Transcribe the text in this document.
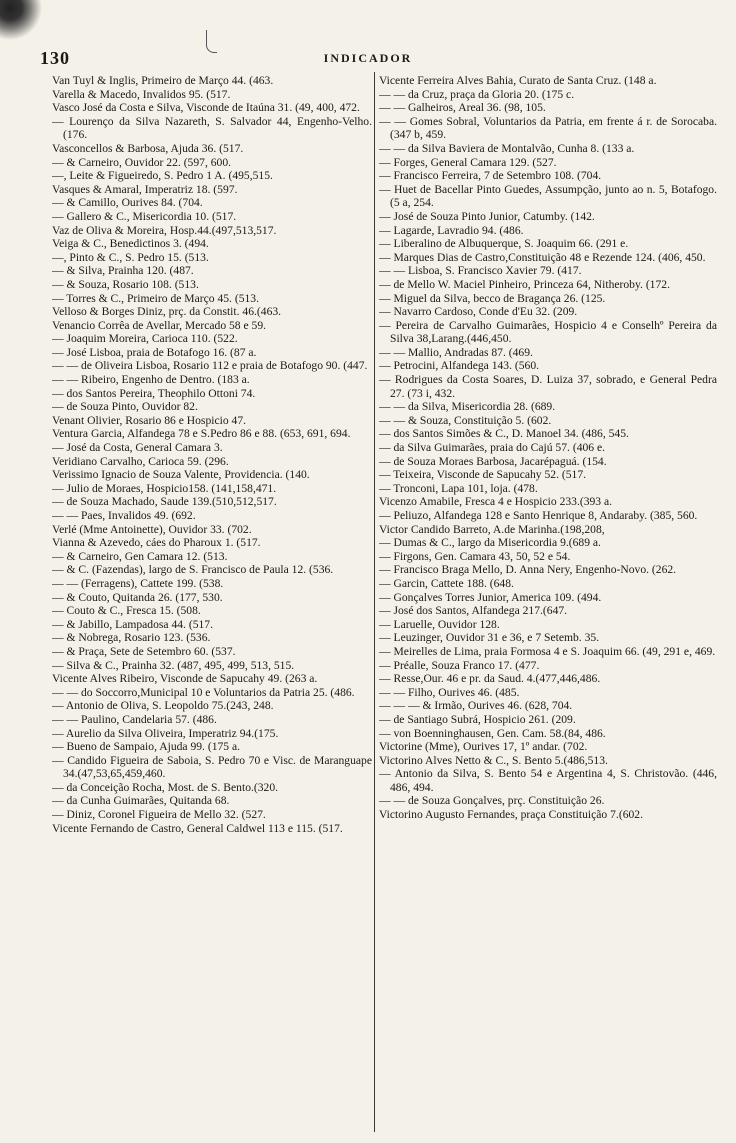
130	INDICADOR
Van Tuyl & Inglis, Primeiro de Março 44. (463.
Varella & Macedo, Invalidos 95. (517.
Vasco José da Costa e Silva, Visconde de Itaúna 31. (49, 400, 472.
— Lourenço da Silva Nazareth, S. Salvador 44, Engenho-Velho. (176.
Vasconcellos & Barbosa, Ajuda 36. (517.
— & Carneiro, Ouvidor 22. (597, 600.
—, Leite & Figueiredo, S. Pedro 1 A. (495,515.
Vasques & Amaral, Imperatriz 18. (597.
— & Camillo, Ourives 84. (704.
— Gallero & C., Misericordia 10. (517.
Vaz de Oliva & Moreira, Hosp.44.(497,513,517.
Veiga & C., Benedictinos 3. (494.
—, Pinto & C., S. Pedro 15. (513.
— & Silva, Prainha 120. (487.
— & Souza, Rosario 108. (513.
— Torres & C., Primeiro de Março 45. (513.
Velloso & Borges Diniz, prç. da Constit. 46.(463.
Venancio Corrêa de Avellar, Mercado 58 e 59.
— Joaquim Moreira, Carioca 110. (522.
— José Lisboa, praia de Botafogo 16. (87 a.
— — de Oliveira Lisboa, Rosario 112 e praia de Botafogo 90. (447.
— — Ribeiro, Engenho de Dentro. (183 a.
— dos Santos Pereira, Theophilo Ottoni 74.
— de Souza Pinto, Ouvidor 82.
Venant Olivier, Rosario 86 e Hospicio 47.
Ventura Garcia, Alfandega 78 e S.Pedro 86 e 88. (653, 691, 694.
— José da Costa, General Camara 3.
Veridiano Carvalho, Carioca 59. (296.
Verissimo Ignacio de Souza Valente, Providencia. (140.
— Julio de Moraes, Hospicio158. (141,158,471.
— de Souza Machado, Saude 139.(510,512,517.
— — Paes, Invalidos 49. (692.
Verlé (Mme Antoinette), Ouvidor 33. (702.
Vianna & Azevedo, cáes do Pharoux 1. (517.
— & Carneiro, Gen Camara 12. (513.
— & C. (Fazendas), largo de S. Francisco de Paula 12. (536.
— — (Ferragens), Cattete 199. (538.
— & Couto, Quitanda 26. (177, 530.
— Couto & C., Fresca 15. (508.
— & Jabillo, Lampadosa 44. (517.
— & Nobrega, Rosario 123. (536.
— & Praça, Sete de Setembro 60. (537.
— Silva & C., Prainha 32. (487, 495, 499, 513, 515.
Vicente Alves Ribeiro, Visconde de Sapucahy 49. (263 a.
— — do Soccorro,Municipal 10 e Voluntarios da Patria 25. (486.
— Antonio de Oliva, S. Leopoldo 75.(243, 248.
— — Paulino, Candelaria 57. (486.
— Aurelio da Silva Oliveira, Imperatriz 94.(175.
— Bueno de Sampaio, Ajuda 99. (175 a.
— Candido Figueira de Saboia, S. Pedro 70 e Visc. de Maranguape 34.(47,53,65,459,460.
— da Conceição Rocha, Most. de S. Bento.(320.
— da Cunha Guimarães, Quitanda 68.
— Diniz, Coronel Figueira de Mello 32. (527.
Vicente Fernando de Castro, General Caldwel 113 e 115. (517.
Vicente Ferreira Alves Bahia, Curato de Santa Cruz. (148 a.
— — da Cruz, praça da Gloria 20. (175 c.
— — Galheiros, Areal 36. (98, 105.
— — Gomes Sobral, Voluntarios da Patria, em frente á r. de Sorocaba. (347 b, 459.
— — da Silva Baviera de Montalvão, Cunha 8. (133 a.
— Forges, General Camara 129. (527.
— Francisco Ferreira, 7 de Setembro 108. (704.
— Huet de Bacellar Pinto Guedes, Assumpção, junto ao n. 5, Botafogo. (5 a, 254.
— José de Souza Pinto Junior, Catumby. (142.
— Lagarde, Lavradio 94. (486.
— Liberalino de Albuquerque, S. Joaquim 66. (291 e.
— Marques Dias de Castro,Constituição 48 e Rezende 124. (406, 450.
— — Lisboa, S. Francisco Xavier 79. (417.
— de Mello W. Maciel Pinheiro, Princeza 64, Nitheroby. (172.
— Miguel da Silva, becco de Bragança 26. (125.
— Navarro Cardoso, Conde d'Eu 32. (209.
— Pereira de Carvalho Guimarães, Hospicio 4 e Conselhº Pereira da Silva 38,Larang.(446,450.
— — Mallio, Andradas 87. (469.
— Petrocini, Alfandega 143. (560.
— Rodrigues da Costa Soares, D. Luiza 37, sobrado, e General Pedra 27. (73 i, 432.
— — da Silva, Misericordia 28. (689.
— — & Souza, Constituição 5. (602.
— dos Santos Simões & C., D. Manoel 34. (486, 545.
— da Silva Guimarães, praia do Cajú 57. (406 e.
— de Souza Moraes Barbosa, Jacarépaguá. (154.
— Teixeira, Visconde de Sapucahy 52. (517.
— Tronconi, Lapa 101, loja. (478.
Vicenzo Amabile, Fresca 4 e Hospicio 233.(393 a.
— Peliuzo, Alfandega 128 e Santo Henrique 8, Andaraby. (385, 560.
Victor Candido Barreto, A.de Marinha.(198,208,
— Dumas & C., largo da Misericordia 9.(689 a.
— Firgons, Gen. Camara 43, 50, 52 e 54.
— Francisco Braga Mello, D. Anna Nery, Engenho-Novo. (262.
— Garcin, Cattete 188. (648.
— Gonçalves Torres Junior, America 109. (494.
— José dos Santos, Alfandega 217.(647.
— Laruelle, Ouvidor 128.
— Leuzinger, Ouvidor 31 e 36, e 7 Setemb. 35.
— Meirelles de Lima, praia Formosa 4 e S. Joaquim 66. (49, 291 e, 469.
— Préalle, Souza Franco 17. (477.
— Resse,Our. 46 e pr. da Saud. 4.(477,446,486.
— — Filho, Ourives 46. (485.
— — — & Irmão, Ourives 46. (628, 704.
— de Santiago Subrá, Hospicio 261. (209.
— von Boenninghausen, Gen. Cam. 58.(84, 486.
Victorine (Mme), Ourives 17, 1º andar. (702.
Victorino Alves Netto & C., S. Bento 5.(486,513.
— Antonio da Silva, S. Bento 54 e Argentina 4, S. Christovão. (446, 486, 494.
— — de Souza Gonçalves, prç. Constituição 26.
Victorino Augusto Fernandes, praça Constituição 7.(602.
